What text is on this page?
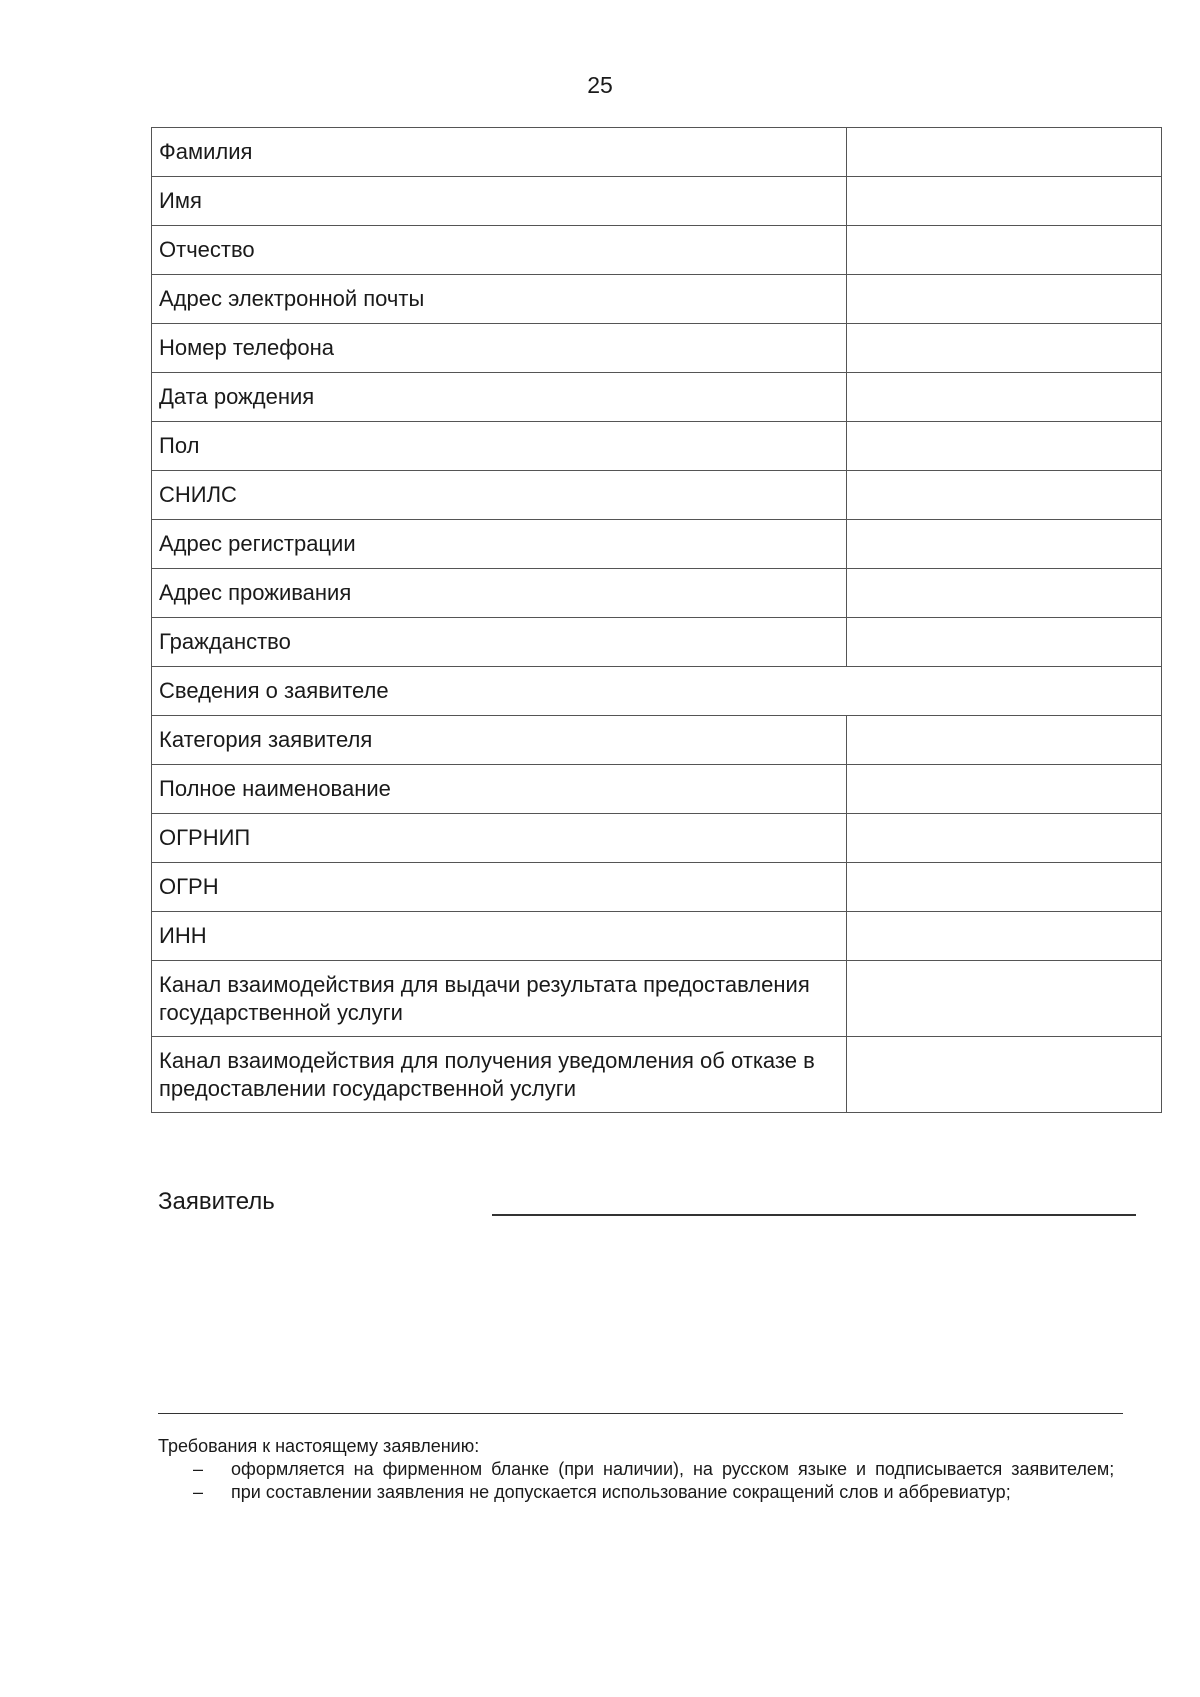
25
Фамилия	
Имя	
Отчество	
Адрес электронной почты	
Номер телефона	
Дата рождения	
Пол	
СНИЛС	
Адрес регистрации	
Адрес проживания	
Гражданство	
Сведения о заявителе	
Категория заявителя	
Полное наименование	
ОГРНИП	
ОГРН	
ИНН	
Канал взаимодействия для выдачи результата предоставления государственной услуги	
Канал взаимодействия для получения уведомления об отказе в предоставлении государственной услуги	
Заявитель
Требования к настоящему заявлению:
– оформляется на фирменном бланке (при наличии), на русском языке и подписывается заявителем;
– при составлении заявления не допускается использование сокращений слов и аббревиатур;
